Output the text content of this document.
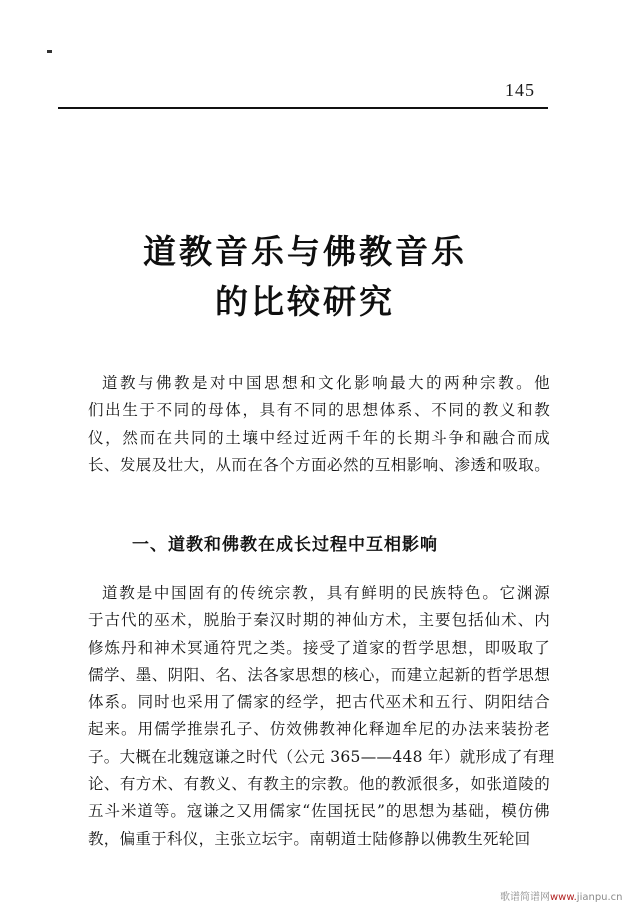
145
道教音乐与佛教音乐
的比较研究
道教与佛教是对中国思想和文化影响最大的两种宗教。他
们出生于不同的母体，具有不同的思想体系、不同的教义和教
仪，然而在共同的土壤中经过近两千年的长期斗争和融合而成
长、发展及壮大，从而在各个方面必然的互相影响、渗透和吸取。
一、道教和佛教在成长过程中互相影响
道教是中国固有的传统宗教，具有鲜明的民族特色。它渊源
于古代的巫术，脱胎于秦汉时期的神仙方术，主要包括仙术、内
修炼丹和神术冥通符咒之类。接受了道家的哲学思想，即吸取了
儒学、墨、阴阳、名、法各家思想的核心，而建立起新的哲学思想
体系。同时也采用了儒家的经学，把古代巫术和五行、阴阳结合
起来。用儒学推崇孔子、仿效佛教神化释迦牟尼的办法来装扮老
子。大概在北魏寇谦之时代（公元 365——448 年）就形成了有理
论、有方术、有教义、有教主的宗教。他的教派很多，如张道陵的
五斗米道等。寇谦之又用儒家“佐国抚民”的思想为基础，模仿佛
教，偏重于科仪，主张立坛宇。南朝道士陆修静以佛教生死轮回
歌谱简谱网www.jianpu.cn
